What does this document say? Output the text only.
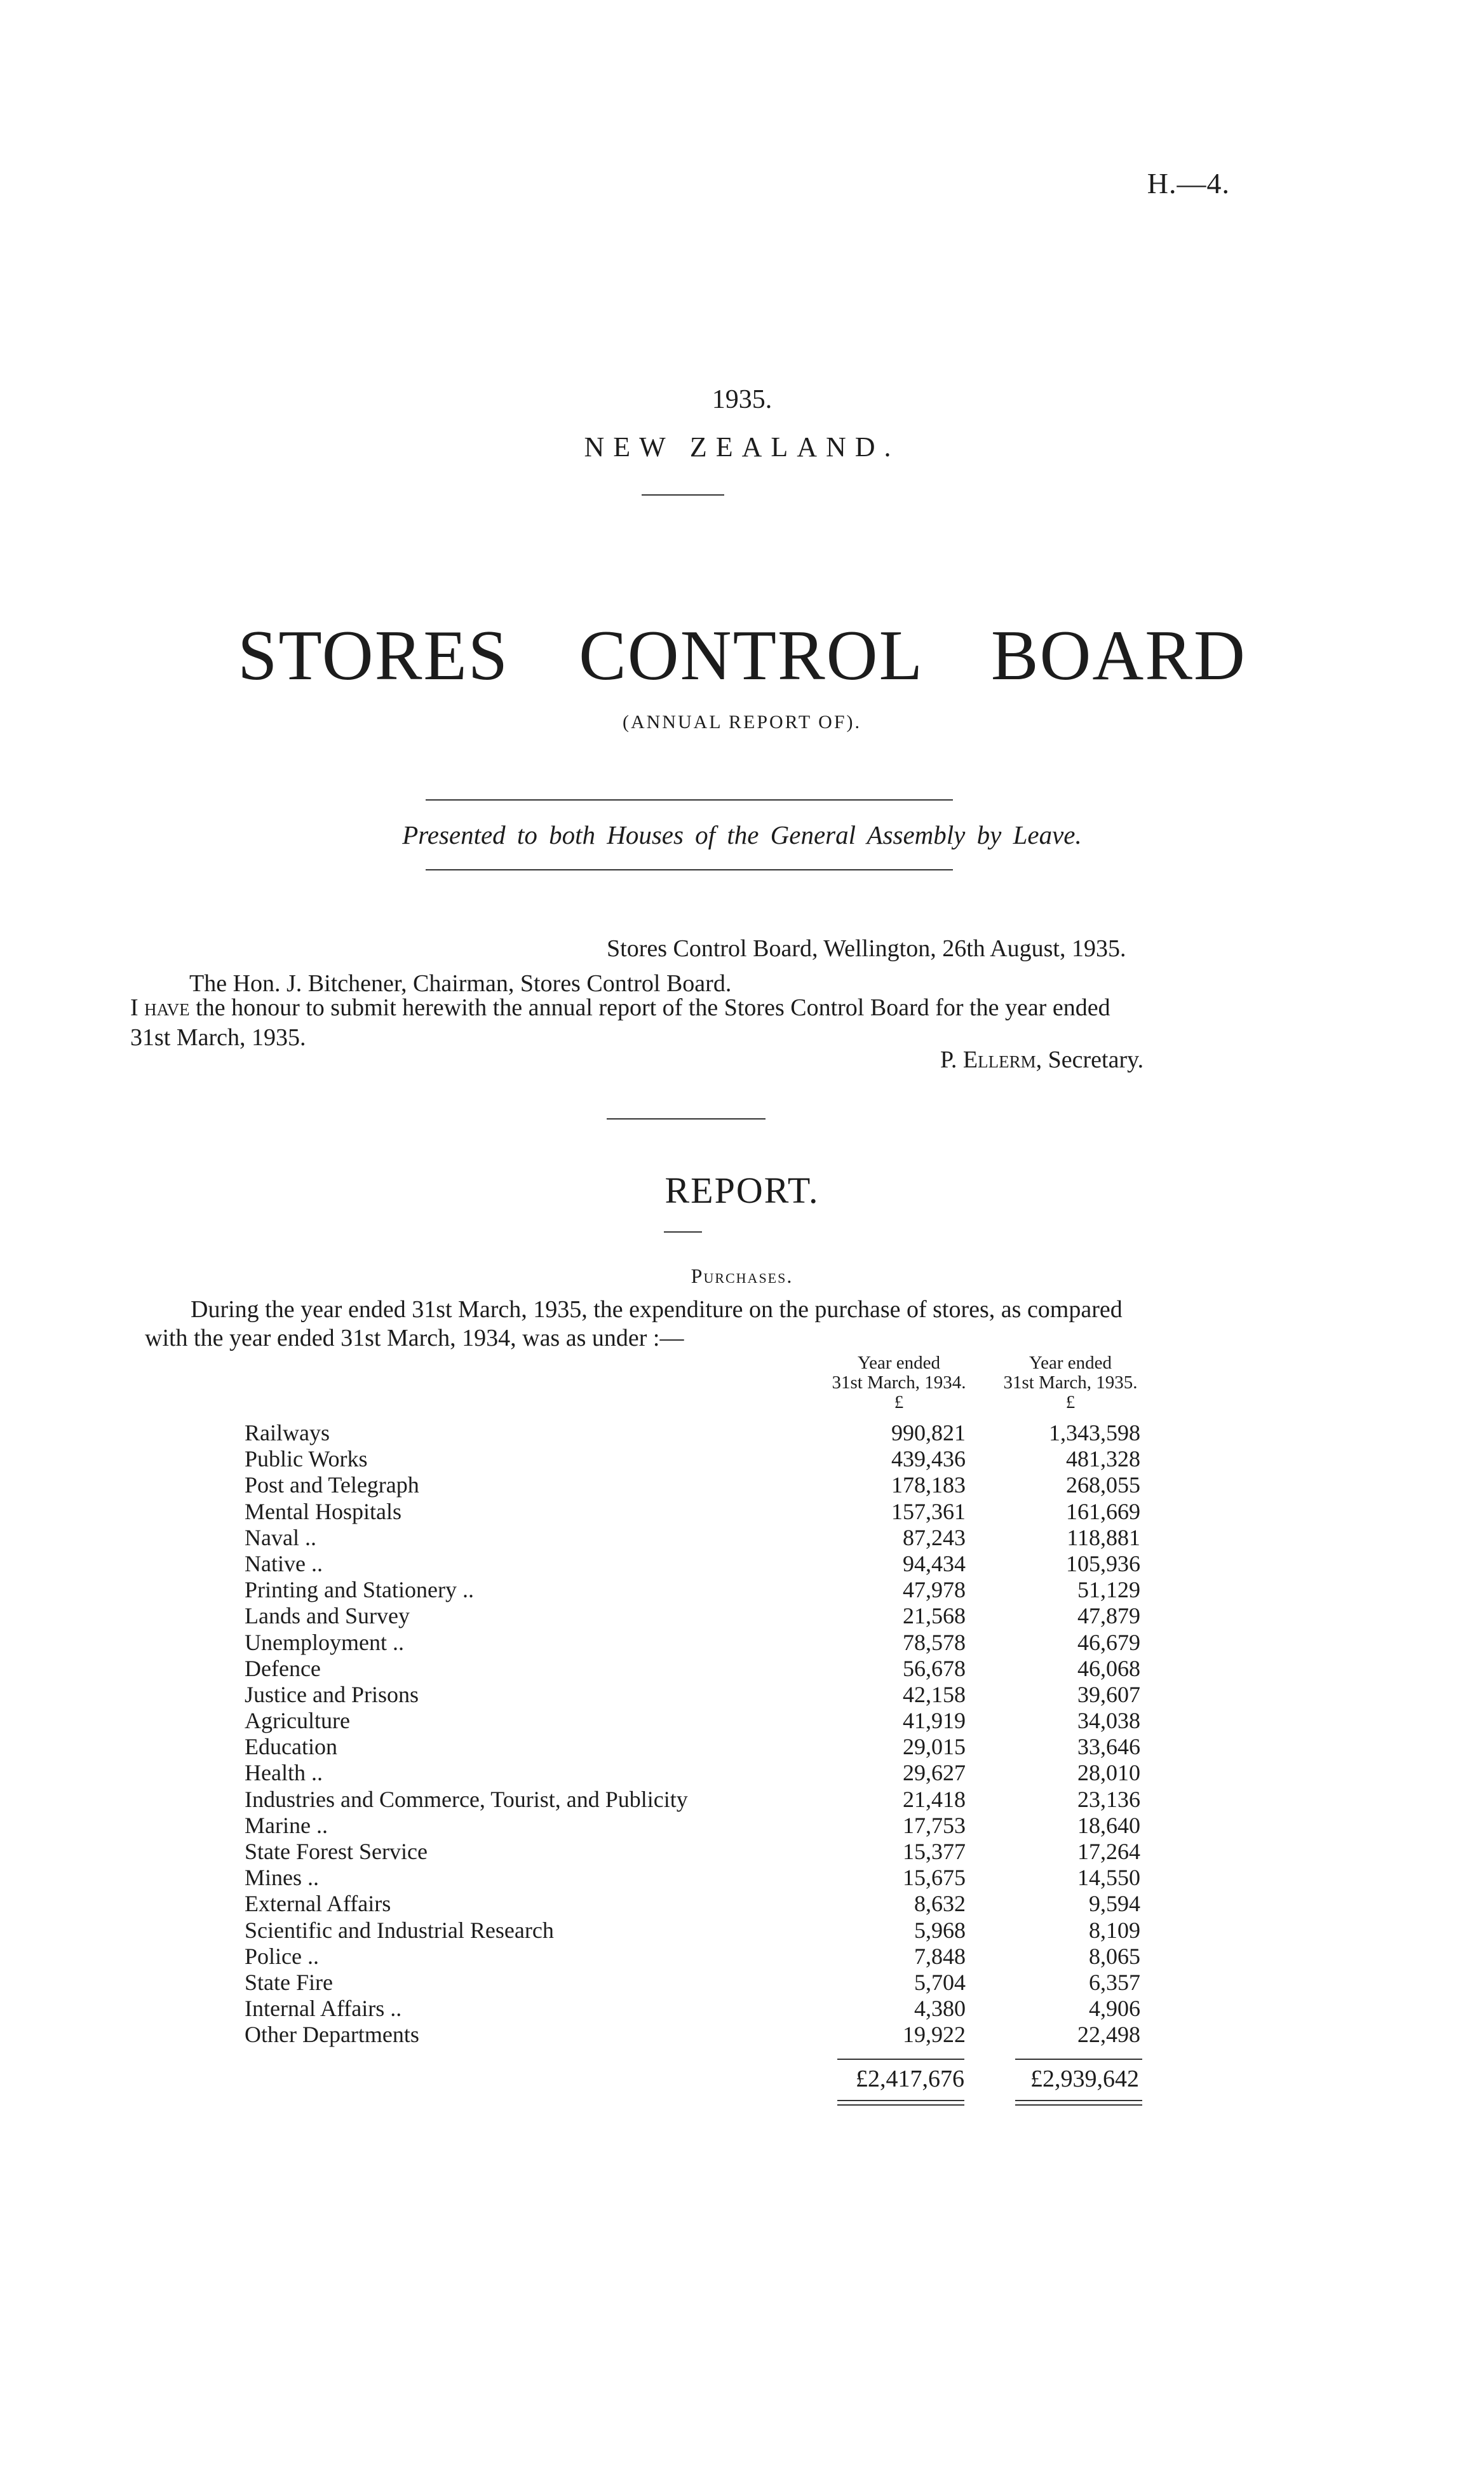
H.—4.
1935.
NEW ZEALAND.
STORES CONTROL BOARD
(ANNUAL REPORT OF).
Presented to both Houses of the General Assembly by Leave.
Stores Control Board, Wellington, 26th August, 1935.
The Hon. J. Bitchener, Chairman, Stores Control Board.
I have the honour to submit herewith the annual report of the Stores Control Board for the year ended
31st March, 1935.
P. Ellerm, Secretary.
REPORT.
Purchases.
During the year ended 31st March, 1935, the expenditure on the purchase of stores, as compared
with the year ended 31st March, 1934, was as under :—
Year ended
31st March, 1934.
£
Year ended
31st March, 1935.
£
Railways	990,821	1,343,598
Public Works	439,436	481,328
Post and Telegraph	178,183	268,055
Mental Hospitals	157,361	161,669
Naval ..	87,243	118,881
Native ..	94,434	105,936
Printing and Stationery ..	47,978	51,129
Lands and Survey	21,568	47,879
Unemployment ..	78,578	46,679
Defence	56,678	46,068
Justice and Prisons	42,158	39,607
Agriculture	41,919	34,038
Education	29,015	33,646
Health ..	29,627	28,010
Industries and Commerce, Tourist, and Publicity	21,418	23,136
Marine ..	17,753	18,640
State Forest Service	15,377	17,264
Mines ..	15,675	14,550
External Affairs	8,632	9,594
Scientific and Industrial Research	5,968	8,109
Police ..	7,848	8,065
State Fire	5,704	6,357
Internal Affairs ..	4,380	4,906
Other Departments	19,922	22,498
£2,417,676	£2,939,642
